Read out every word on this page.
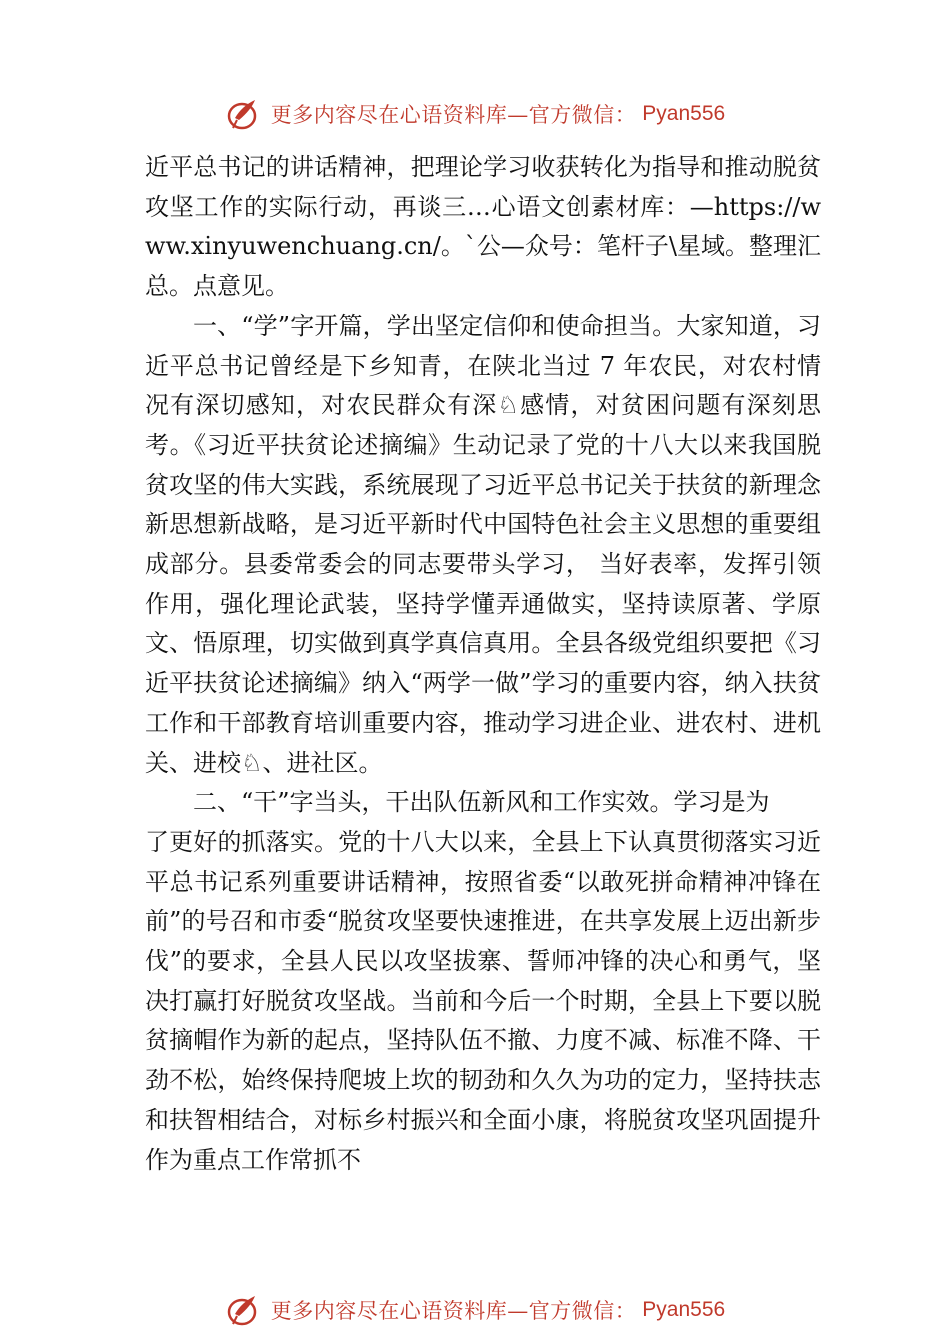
更多内容尽在心语资料库—官方微信： Pyan556

近平总书记的讲话精神，把理论学习收获转化为指导和推动脱贫攻坚工作的实际行动，再谈三…心语文创素材库：—https://www.xinyuwenchuang.cn/。`公—众号：笔杆子\星域。整理汇总。点意见。

一、“学”字开篇，学出坚定信仰和使命担当。大家知道，习近平总书记曾经是下乡知青，在陕北当过 7 年农民，对农村情况有深切感知，对农民群众有深♘感情，对贫困问题有深刻思考。《习近平扶贫论述摘编》生动记录了党的十八大以来我国脱贫攻坚的伟大实践，系统展现了习近平总书记关于扶贫的新理念新思想新战略，是习近平新时代中国特色社会主义思想的重要组成部分。县委常委会的同志要带头学习， 当好表率，发挥引领作用，强化理论武装，坚持学懂弄通做实，坚持读原著、学原文、悟原理，切实做到真学真信真用。全县各级党组织要把《习近平扶贫论述摘编》纳入“两学一做”学习的重要内容，纳入扶贫工作和干部教育培训重要内容，推动学习进企业、进农村、进机关、进校♘、进社区。

二、“干”字当头，干出队伍新风和工作实效。学习是为

了更好的抓落实。党的十八大以来，全县上下认真贯彻落实习近平总书记系列重要讲话精神，按照省委“以敢死拼命精神冲锋在前”的号召和市委“脱贫攻坚要快速推进，在共享发展上迈出新步伐”的要求，全县人民以攻坚拔寨、誓师冲锋的决心和勇气，坚决打赢打好脱贫攻坚战。当前和今后一个时期，全县上下要以脱贫摘帽作为新的起点，坚持队伍不撤、力度不减、标准不降、干劲不松，始终保持爬坡上坎的韧劲和久久为功的定力，坚持扶志和扶智相结合，对标乡村振兴和全面小康，将脱贫攻坚巩固提升作为重点工作常抓不

更多内容尽在心语资料库—官方微信： Pyan556
